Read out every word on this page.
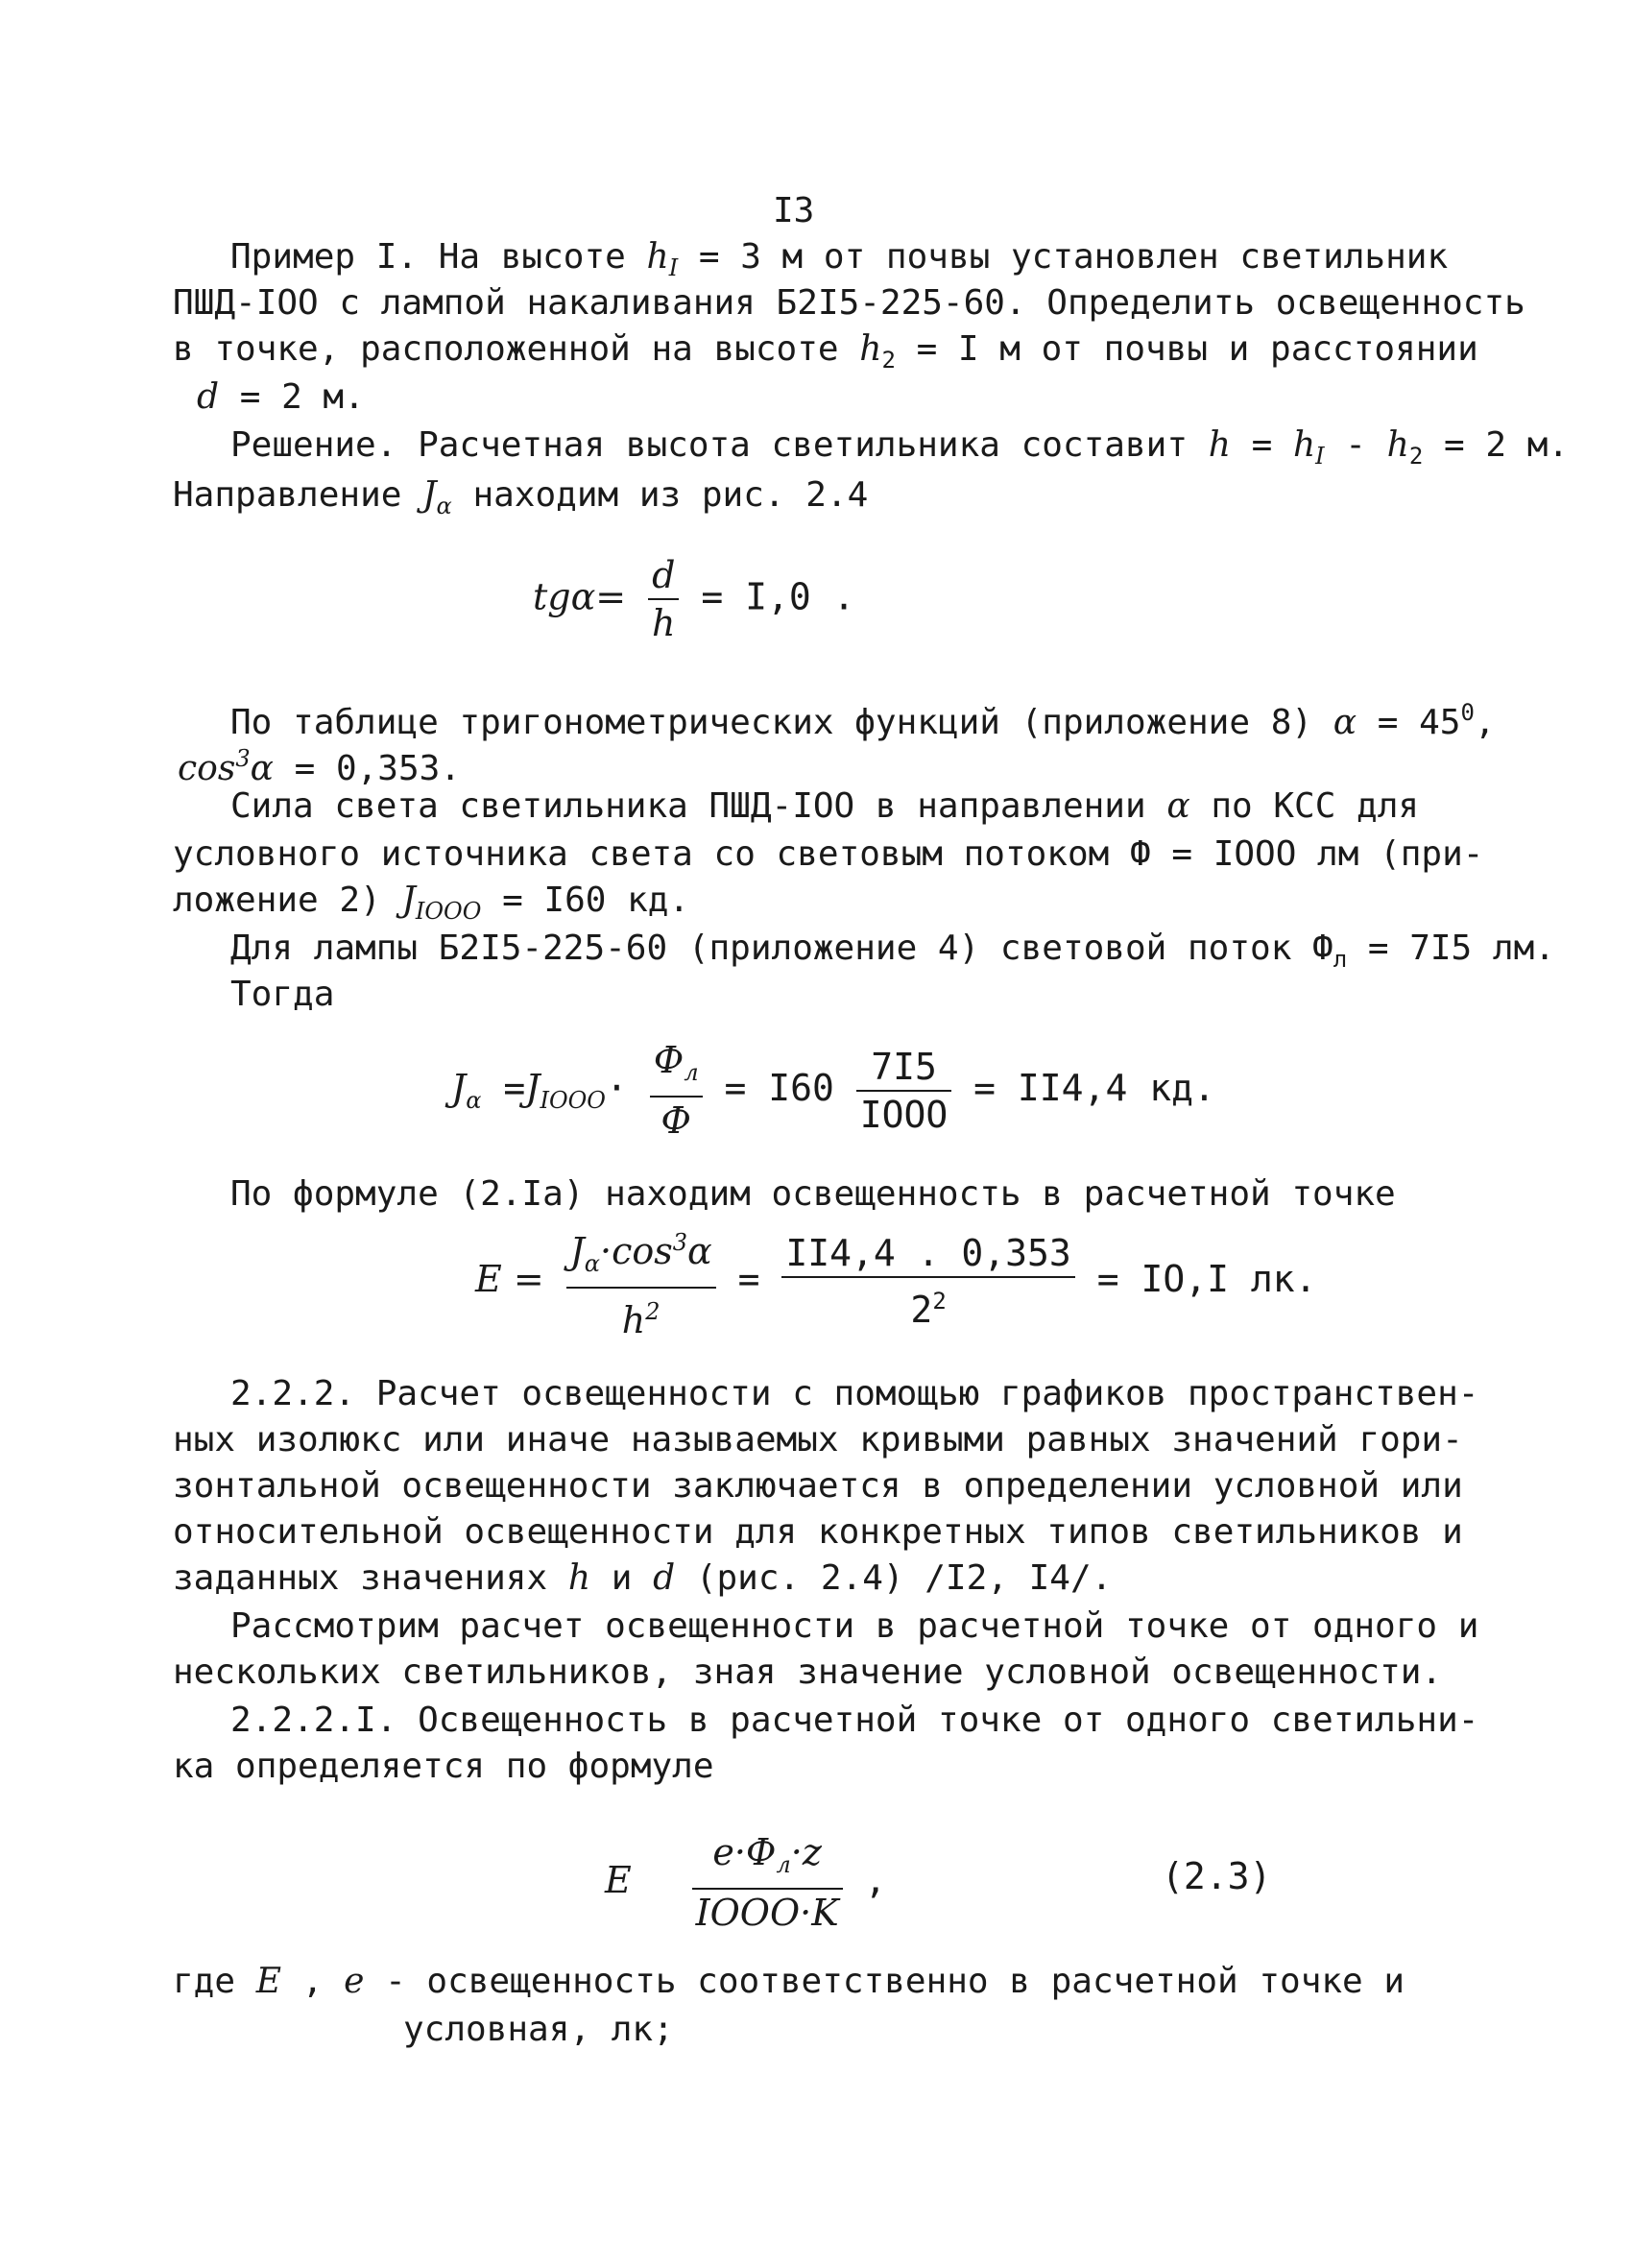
I3
Пример I. На высоте $h_I = 3$ м от почвы установлен светильник
ПШД-IOO с лампой накаливания Б2I5-225-60. Определить освещенность
в точке, расположенной на высоте $h_2 = I$ м от почвы и расстоянии
d = 2 м.
Решение. Расчетная высота светильника составит $h = h_I - h_2 = 2$ м.
Направление $J_\alpha$ находим из рис. 2.4
$tg\alpha= \frac{d}{h} = I,0$ .
По таблице тригонометрических функций (приложение 8) $\alpha = 45^0$,
$\cos^3\alpha = 0,353$.
Сила света светильника ПШД-IOO в направлении α по КСС для
условного источника света со световым потоком Ф = IOOO лм (при-
ложение 2) $J_{IOOO} = I60$ кд.
Для лампы Б2I5-225-60 (приложение 4) световой поток $Ф_л = 7I5$ лм.
Тогда
$J_\alpha =J_{IOOO}\cdot \frac{Ф_л}{Ф} = I60 \frac{7I5}{\text{IOOO}} = II4,4$ кд.
По формуле (2.Iа) находим освещенность в расчетной точке
$E = \frac{J_\alpha\cdot\cos^3\alpha}{h^2} = \frac{II4,4 . 0,353}{2^2} = IO,I$ лк.
2.2.2. Расчет освещенности с помощью графиков пространствен-
ных изолюкс или иначе называемых кривыми равных значений гори-
зонтальной освещенности заключается в определении условной или
относительной освещенности для конкретных типов светильников и
заданных значениях h и d (рис. 2.4) /I2, I4/.
Рассмотрим расчет освещенности в расчетной точке от одного и
нескольких светильников, зная значение условной освещенности.
2.2.2.I. Освещенность в расчетной точке от одного светильни-
ка определяется по формуле
E $\frac{e\cdot Ф_л\cdot z}{\text{IOOO·K}}$ ,	(2.3)
где E , e - освещенность соответственно в расчетной точке и
условная, лк;
